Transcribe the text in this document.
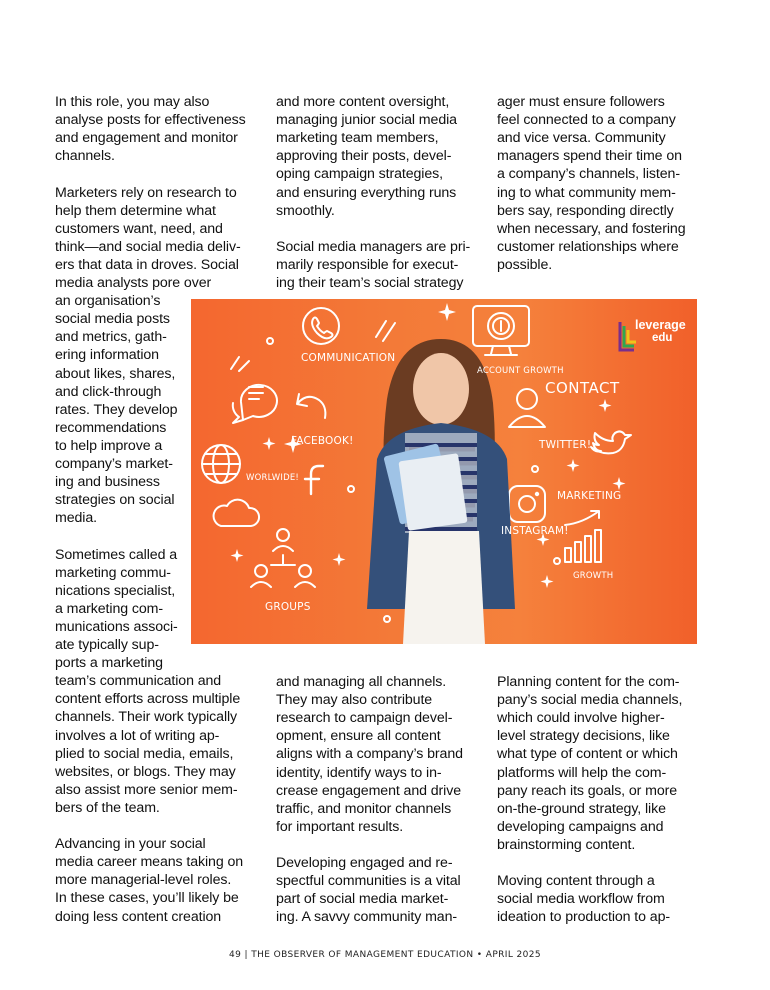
In this role, you may also
analyse posts for effectiveness
and engagement and monitor
channels.
Marketers rely on research to
help them determine what
customers want, need, and
think—and social media deliv-
ers that data in droves. Social
media analysts pore over
an organisation’s
social media posts
and metrics, gath-
ering information
about likes, shares,
and click-through
rates. They develop
recommendations
to help improve a
company’s market-
ing and business
strategies on social
media.
Sometimes called a
marketing commu-
nications specialist,
a marketing com-
munications associ-
ate typically sup-
ports a marketing
team’s communication and
content efforts across multiple
channels. Their work typically
involves a lot of writing ap-
plied to social media, emails,
websites, or blogs. They may
also assist more senior mem-
bers of the team.
Advancing in your social
media career means taking on
more managerial-level roles.
In these cases, you’ll likely be
doing less content creation
and more content oversight,
managing junior social media
marketing team members,
approving their posts, devel-
oping campaign strategies,
and ensuring everything runs
smoothly.
Social media managers are pri-
marily responsible for execut-
ing their team’s social strategy
ager must ensure followers
feel connected to a company
and vice versa. Community
managers spend their time on
a company’s channels, listen-
ing to what community mem-
bers say, responding directly
when necessary, and fostering
customer relationships where
possible.
and managing all channels.
They may also contribute
research to campaign devel-
opment, ensure all content
aligns with a company’s brand
identity, identify ways to in-
crease engagement and drive
traffic, and monitor channels
for important results.
Developing engaged and re-
spectful communities is a vital
part of social media market-
ing. A savvy community man-
Planning content for the com-
pany’s social media channels,
which could involve higher-
level strategy decisions, like
what type of content or which
platforms will help the com-
pany reach its goals, or more
on-the-ground strategy, like
developing campaigns and
brainstorming content.
Moving content through a
social media workflow from
ideation to production to ap-
COMMUNICATION
ACCOUNT GROWTH
CONTACT
FACEBOOK!	TWITTER!
WORLWIDE!
MARKETING
INSTAGRAM!
GROWTH
GROUPS
leverage
edu
49 | THE OBSERVER OF MANAGEMENT EDUCATION • APRIL 2025
